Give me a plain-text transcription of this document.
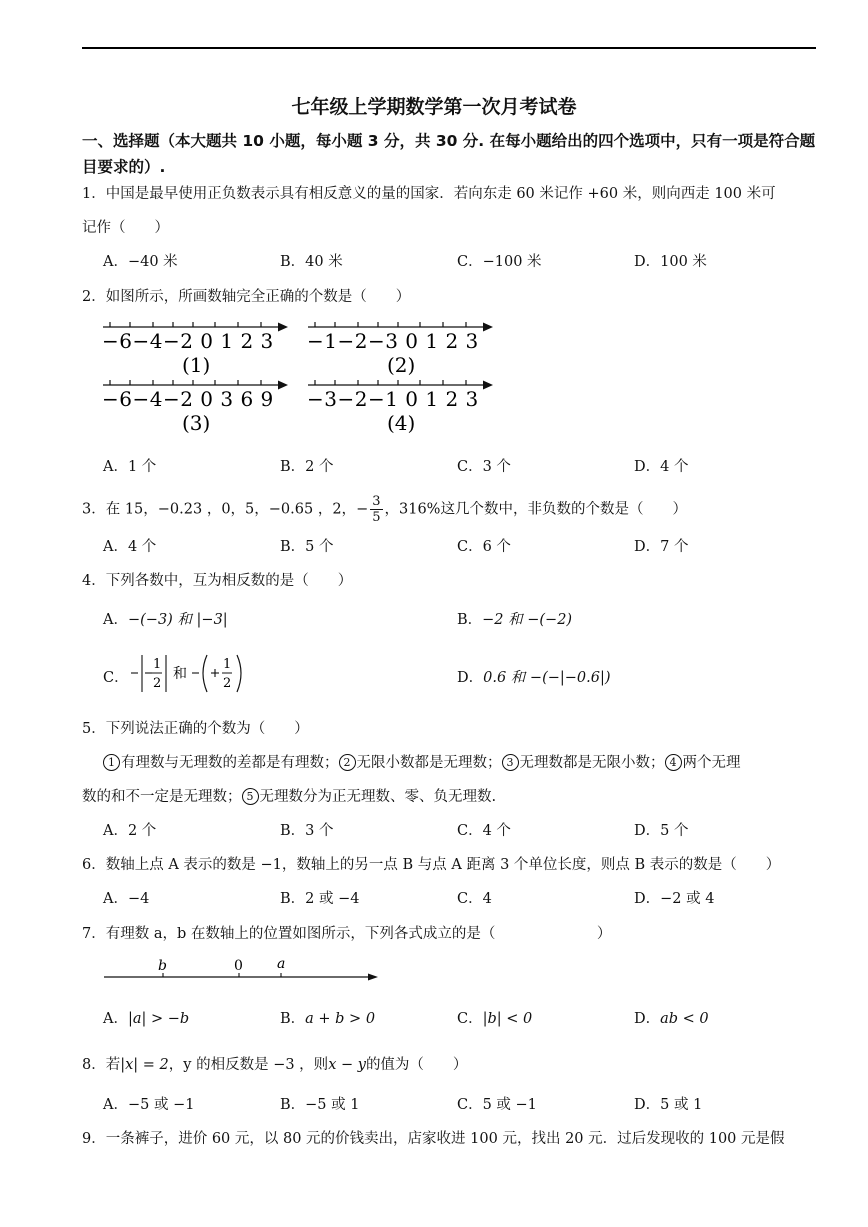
七年级上学期数学第一次月考试卷
一、选择题（本大题共 10 小题，每小题 3 分，共 30 分. 在每小题给出的四个选项中，只有一项是符合题目要求的）.
1．中国是最早使用正负数表示具有相反意义的量的国家．若向东走 60 米记作 +60 米，则向西走 100 米可
记作（　　）
A．−40 米	B．40 米	C．−100 米	D．100 米
2．如图所示，所画数轴完全正确的个数是（　　）
−6−4−2 0 1 2 3
(1)
−1−2−3 0 1 2 3
(2)
−6−4−2 0 3 6 9
(3)
−3−2−1 0 1 2 3
(4)
A．1 个	B．2 个	C．3 个	D．4 个
3．在 15，−0.23 ，0，5，−0.65 ，2，− $\frac{3}{5}$ ，316%这几个数中，非负数的个数是（　　）
A．4 个	B．5 个	C．6 个	D．7 个
4．下列各数中，互为相反数的是（　　）
A．−(−3) 和 |−3|	B．−2 和 −(−2)
C．
1
2
和
1
2	D．0.6 和 −(−|−0.6|)
5．下列说法正确的个数为（　　）
1 有理数与无理数的差都是有理数； 2 无限小数都是无理数； 3 无理数都是无限小数； 4 两个无理
数的和不一定是无理数； 5 无理数分为正无理数、零、负无理数.
A．2 个	B．3 个	C．4 个	D．5 个
6．数轴上点 A 表示的数是 −1，数轴上的另一点 B 与点 A 距离 3 个单位长度，则点 B 表示的数是（　　）
A．−4	B．2 或 −4	C．4	D．−2 或 4
7．有理数 a，b 在数轴上的位置如图所示，下列各式成立的是（　　　　　　　）
b	0 a
A．|a| > −b	B．a + b > 0	C．|b| < 0	D．ab < 0
8．若|x| = 2，y 的相反数是 −3 ，则x − y的值为（　　）
A．−5 或 −1	B．−5 或 1	C．5 或 −1	D．5 或 1
9．一条裤子，进价 60 元，以 80 元的价钱卖出，店家收进 100 元，找出 20 元．过后发现收的 100 元是假
